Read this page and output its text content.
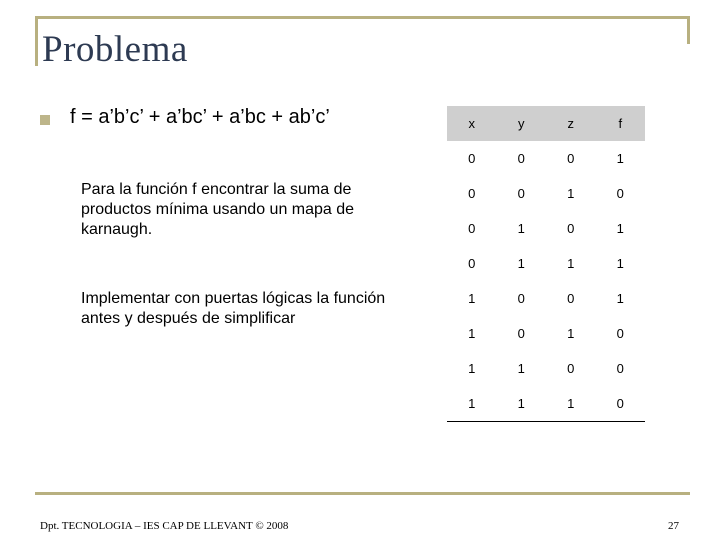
Problema
f = a’b’c’ + a’bc’ + a’bc + ab’c’
Para la función f encontrar la suma de productos mínima usando un mapa de karnaugh.
Implementar con puertas lógicas la función antes y después de simplificar
x	y	z	f
0	0	0	1
0	0	1	0
0	1	0	1
0	1	1	1
1	0	0	1
1	0	1	0
1	1	0	0
1	1	1	0
Dpt. TECNOLOGIA – IES CAP DE LLEVANT © 2008	27
